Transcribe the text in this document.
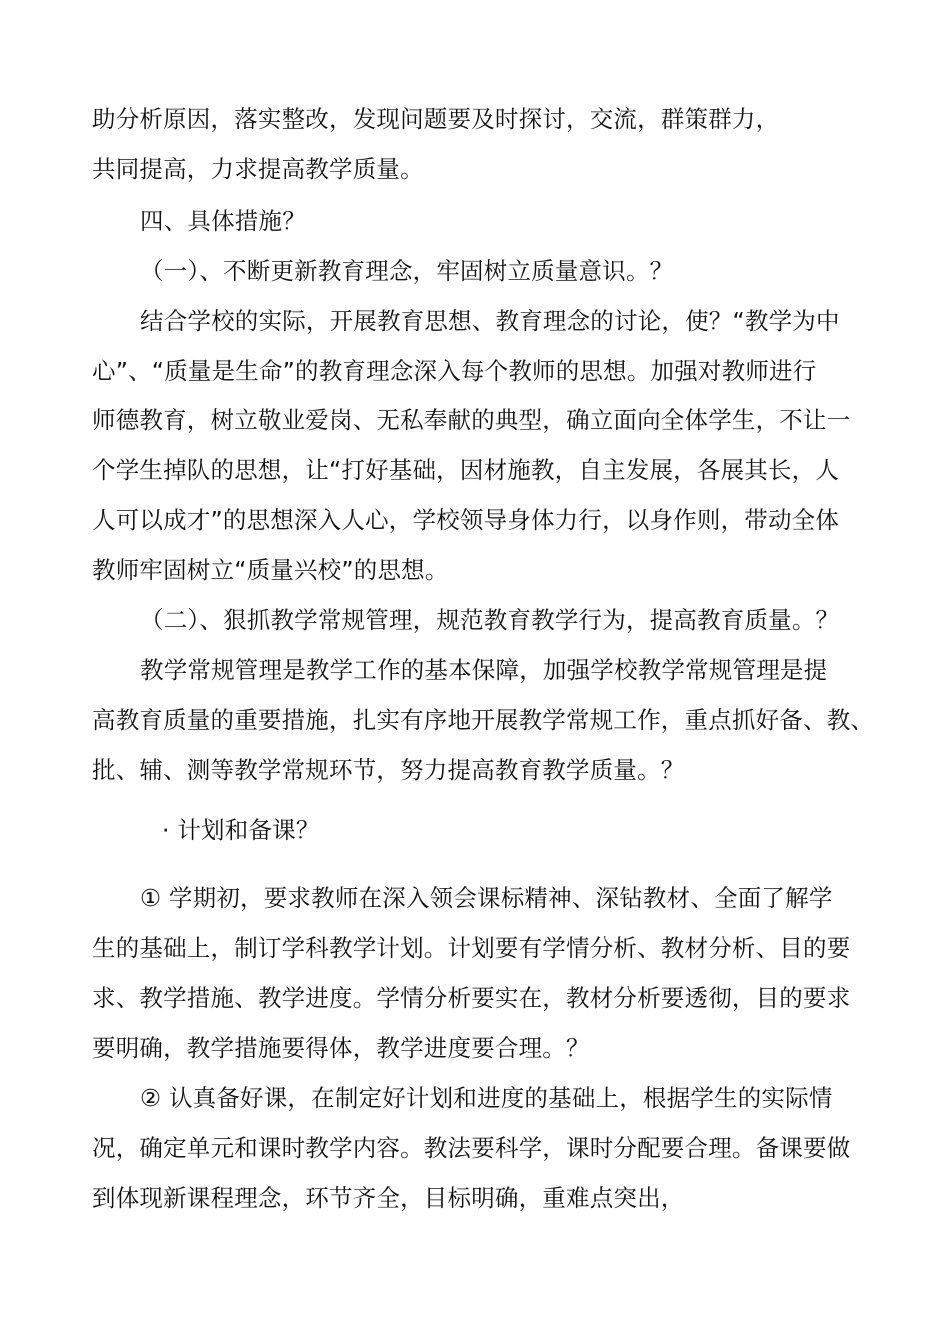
助分析原因，落实整改，发现问题要及时探讨，交流，群策群力，
共同提高，力求提高教学质量。
四、具体措施？
（一）、不断更新教育理念，牢固树立质量意识。？
结合学校的实际，开展教育思想、教育理念的讨论，使？“教学为中
心”、“质量是生命”的教育理念深入每个教师的思想。加强对教师进行
师德教育，树立敬业爱岗、无私奉献的典型，确立面向全体学生，不让一
个学生掉队的思想，让“打好基础，因材施教，自主发展，各展其长，人
人可以成才”的思想深入人心，学校领导身体力行，以身作则，带动全体
教师牢固树立“质量兴校”的思想。
（二）、狠抓教学常规管理，规范教育教学行为，提高教育质量。？
教学常规管理是教学工作的基本保障，加强学校教学常规管理是提
高教育质量的重要措施，扎实有序地开展教学常规工作，重点抓好备、教、
批、辅、测等教学常规环节，努力提高教育教学质量。？
· 计划和备课？
① 学期初，要求教师在深入领会课标精神、深钻教材、全面了解学
生的基础上，制订学科教学计划。计划要有学情分析、教材分析、目的要
求、教学措施、教学进度。学情分析要实在，教材分析要透彻，目的要求
要明确，教学措施要得体，教学进度要合理。？
② 认真备好课，在制定好计划和进度的基础上，根据学生的实际情
况，确定单元和课时教学内容。教法要科学，课时分配要合理。备课要做
到体现新课程理念，环节齐全，目标明确，重难点突出，
